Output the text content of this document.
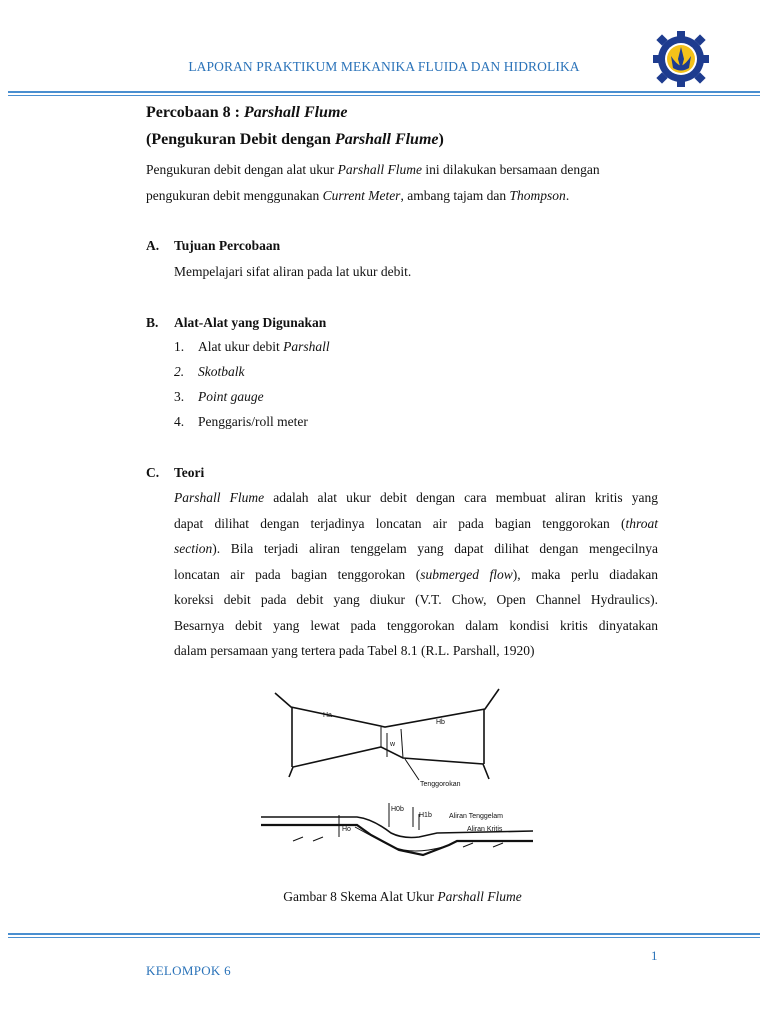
LAPORAN PRAKTIKUM MEKANIKA FLUIDA DAN HIDROLIKA
Percobaan 8 : Parshall Flume
(Pengukuran Debit dengan Parshall Flume)
Pengukuran debit dengan alat ukur Parshall Flume ini dilakukan bersamaan dengan
pengukuran debit menggunakan Current Meter, ambang tajam dan Thompson.
A. Tujuan Percobaan
Mempelajari sifat aliran pada lat ukur debit.
B. Alat-Alat yang Digunakan
1. Alat ukur debit Parshall
2. Skotbalk
3. Point gauge
4. Penggaris/roll meter
C. Teori
Parshall Flume adalah alat ukur debit dengan cara membuat aliran kritis yang
dapat dilihat dengan terjadinya loncatan air pada bagian tenggorokan (throat
section). Bila terjadi aliran tenggelam yang dapat dilihat dengan mengecilnya
loncatan air pada bagian tenggorokan (submerged flow), maka perlu diadakan
koreksi debit pada debit yang diukur (V.T. Chow, Open Channel Hydraulics).
Besarnya debit yang lewat pada tenggorokan dalam kondisi kritis dinyatakan
dalam persamaan yang tertera pada Tabel 8.1 (R.L. Parshall, 1920)
Ha
Hb
w
Tenggorokan
H0b
H1b
Ho
Aliran Tenggelam
Aliran Kritis
Gambar 8 Skema Alat Ukur Parshall Flume
1
KELOMPOK 6
